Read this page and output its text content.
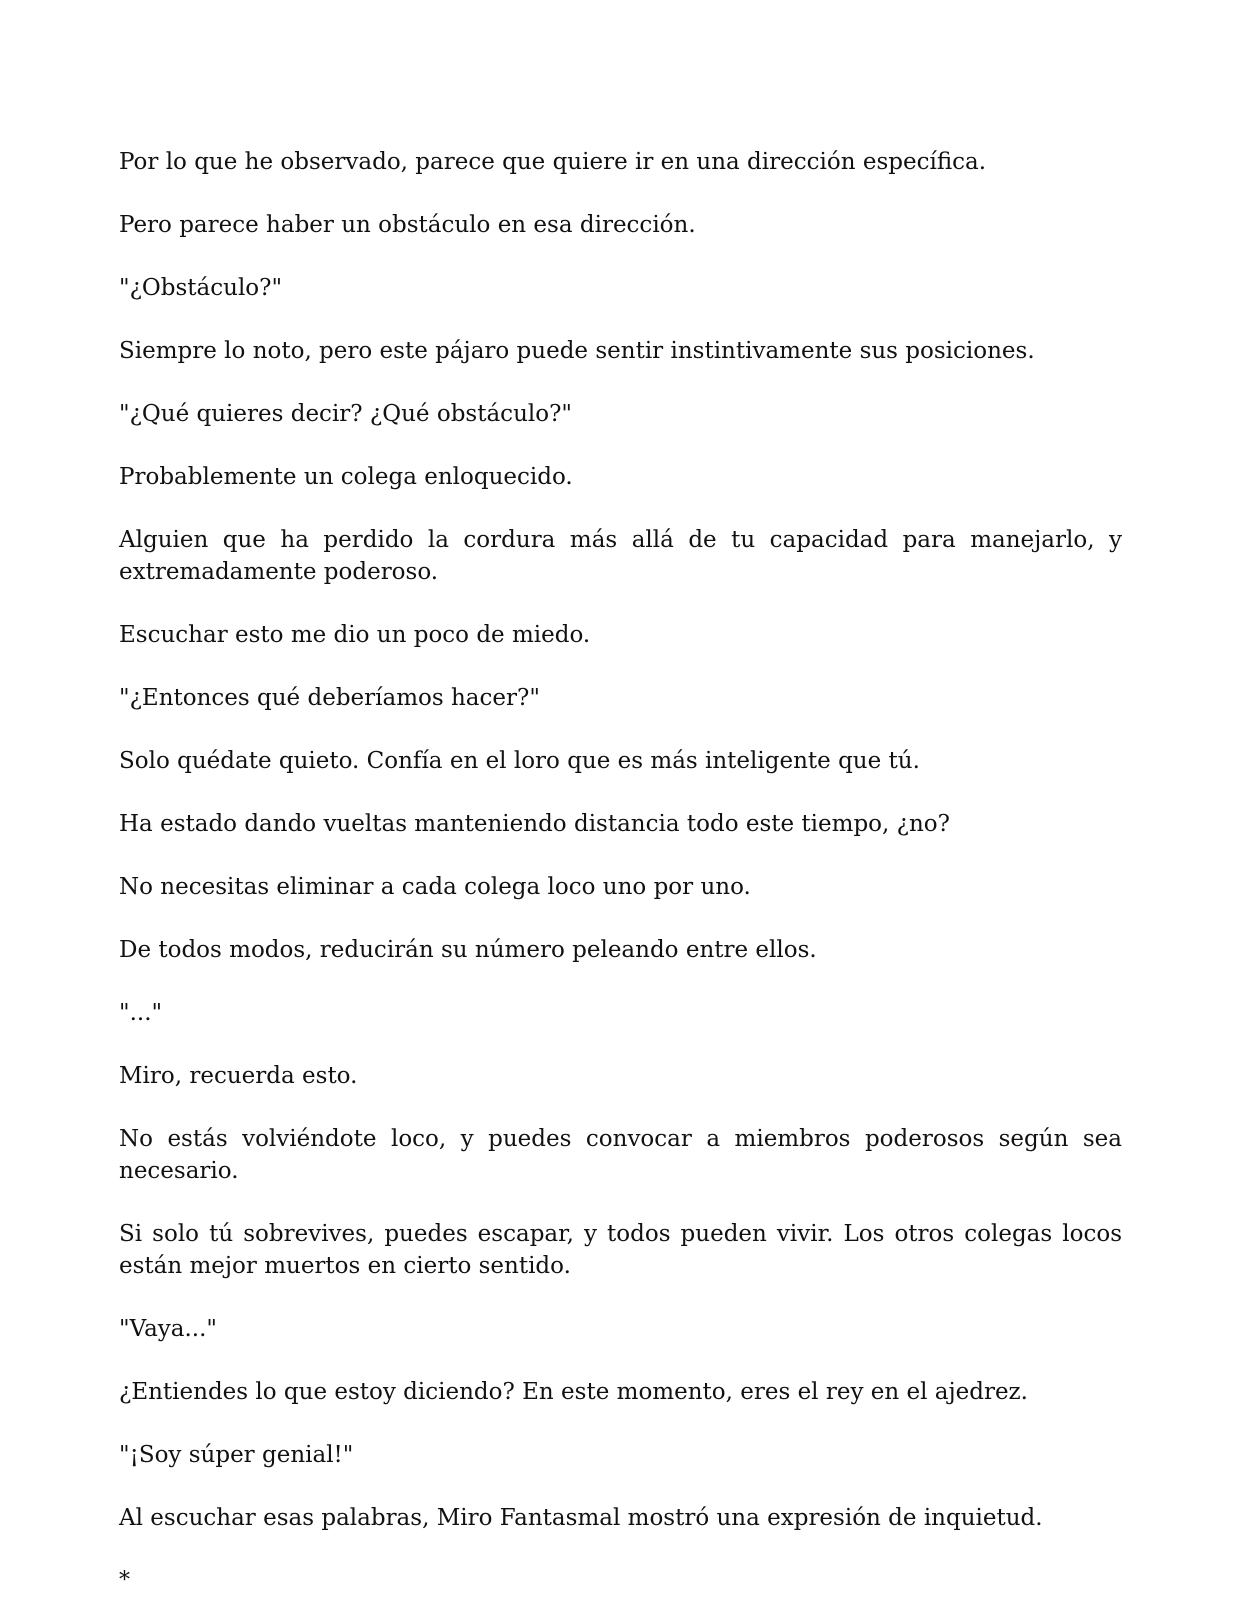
Por lo que he observado, parece que quiere ir en una dirección específica.

Pero parece haber un obstáculo en esa dirección.

"¿Obstáculo?"

Siempre lo noto, pero este pájaro puede sentir instintivamente sus posiciones.

"¿Qué quieres decir? ¿Qué obstáculo?"

Probablemente un colega enloquecido.

Alguien que ha perdido la cordura más allá de tu capacidad para manejarlo, y extremadamente poderoso.

Escuchar esto me dio un poco de miedo.

"¿Entonces qué deberíamos hacer?"

Solo quédate quieto. Confía en el loro que es más inteligente que tú.

Ha estado dando vueltas manteniendo distancia todo este tiempo, ¿no?

No necesitas eliminar a cada colega loco uno por uno.

De todos modos, reducirán su número peleando entre ellos.

"..."

Miro, recuerda esto.

No estás volviéndote loco, y puedes convocar a miembros poderosos según sea necesario.

Si solo tú sobrevives, puedes escapar, y todos pueden vivir. Los otros colegas locos están mejor muertos en cierto sentido.

"Vaya..."

¿Entiendes lo que estoy diciendo? En este momento, eres el rey en el ajedrez.

"¡Soy súper genial!"

Al escuchar esas palabras, Miro Fantasmal mostró una expresión de inquietud.

*
